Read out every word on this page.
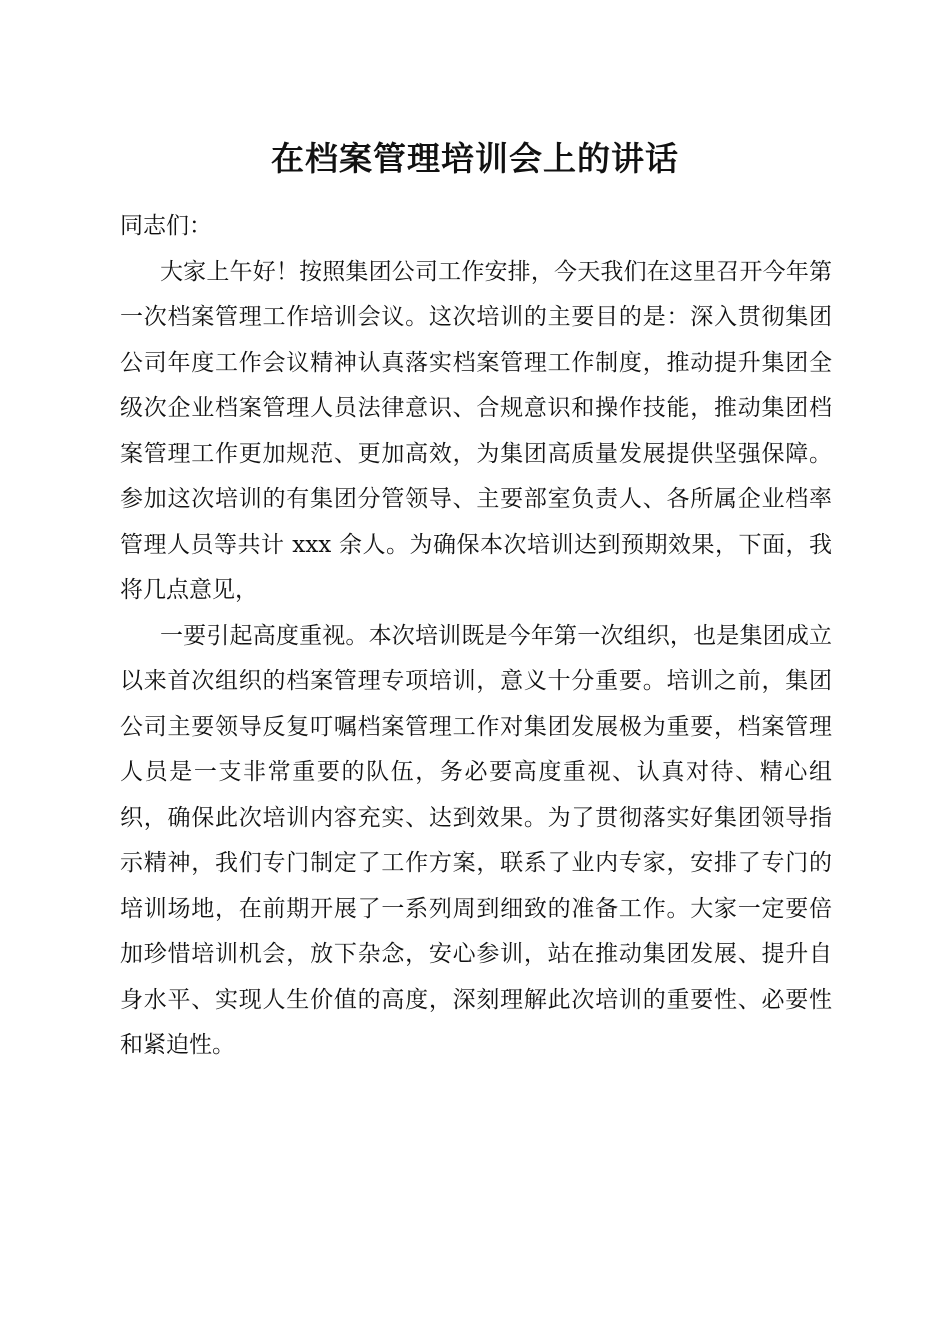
在档案管理培训会上的讲话

同志们：

大家上午好！按照集团公司工作安排，今天我们在这里召开今年第一次档案管理工作培训会议。这次培训的主要目的是：深入贯彻集团公司年度工作会议精神认真落实档案管理工作制度，推动提升集团全级次企业档案管理人员法律意识、合规意识和操作技能，推动集团档案管理工作更加规范、更加高效，为集团高质量发展提供坚强保障。参加这次培训的有集团分管领导、主要部室负责人、各所属企业档率管理人员等共计 xxx 余人。为确保本次培训达到预期效果，下面，我将几点意见，

一要引起高度重视。本次培训既是今年第一次组织，也是集团成立以来首次组织的档案管理专项培训，意义十分重要。培训之前，集团公司主要领导反复叮嘱档案管理工作对集团发展极为重要，档案管理人员是一支非常重要的队伍，务必要高度重视、认真对待、精心组织，确保此次培训内容充实、达到效果。为了贯彻落实好集团领导指示精神，我们专门制定了工作方案，联系了业内专家，安排了专门的培训场地，在前期开展了一系列周到细致的准备工作。大家一定要倍加珍惜培训机会，放下杂念，安心参训，站在推动集团发展、提升自身水平、实现人生价值的高度，深刻理解此次培训的重要性、必要性和紧迫性。
